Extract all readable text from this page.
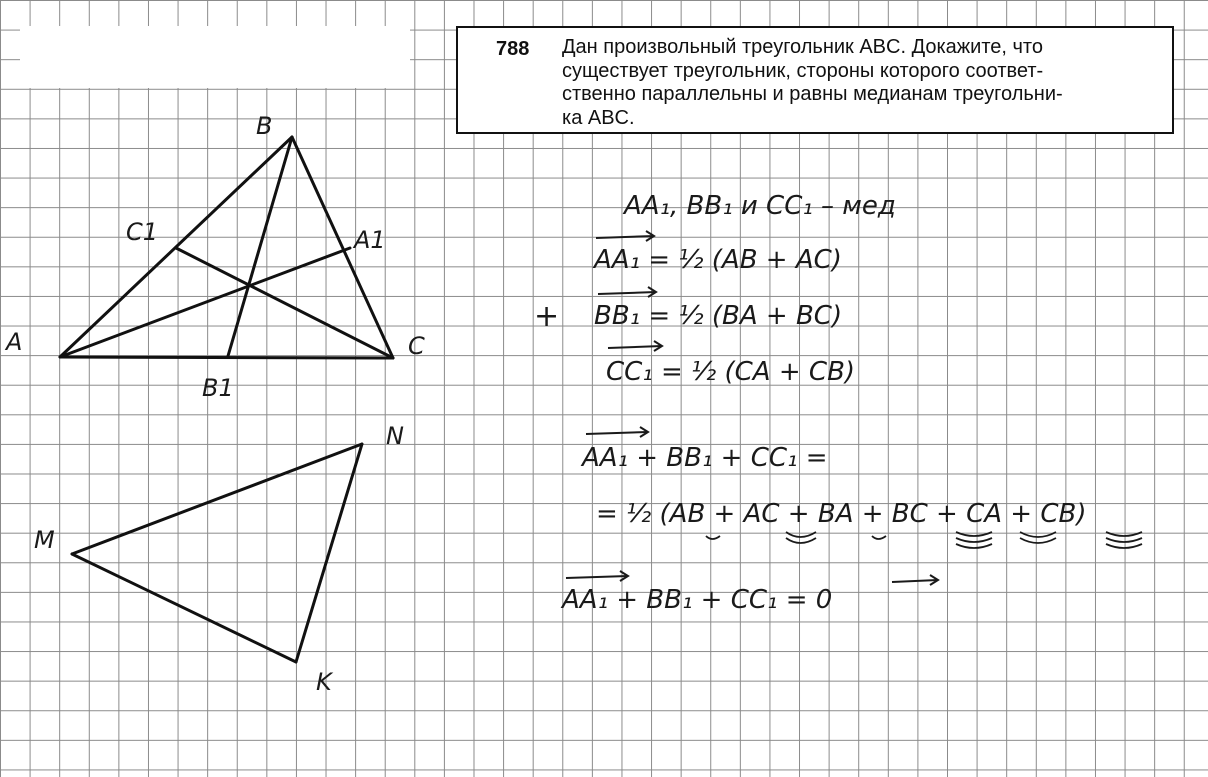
788 Дан произвольный треугольник ABC. Докажите, что
существует треугольник, стороны которого соответ-
ственно параллельны и равны медианам треугольни-
ка ABC.
B
A	C
C1	A1
B1
N
M
K
AA₁, BB₁ и CC₁ – мед
AA₁ = ½ (AB + AC)
+ BB₁ = ½ (BA + BC)
CC₁ = ½ (CA + CB)
AA₁ + BB₁ + CC₁ =
= ½ (AB + AC + BA + BC + CA + CB)
AA₁ + BB₁ + CC₁ = 0
